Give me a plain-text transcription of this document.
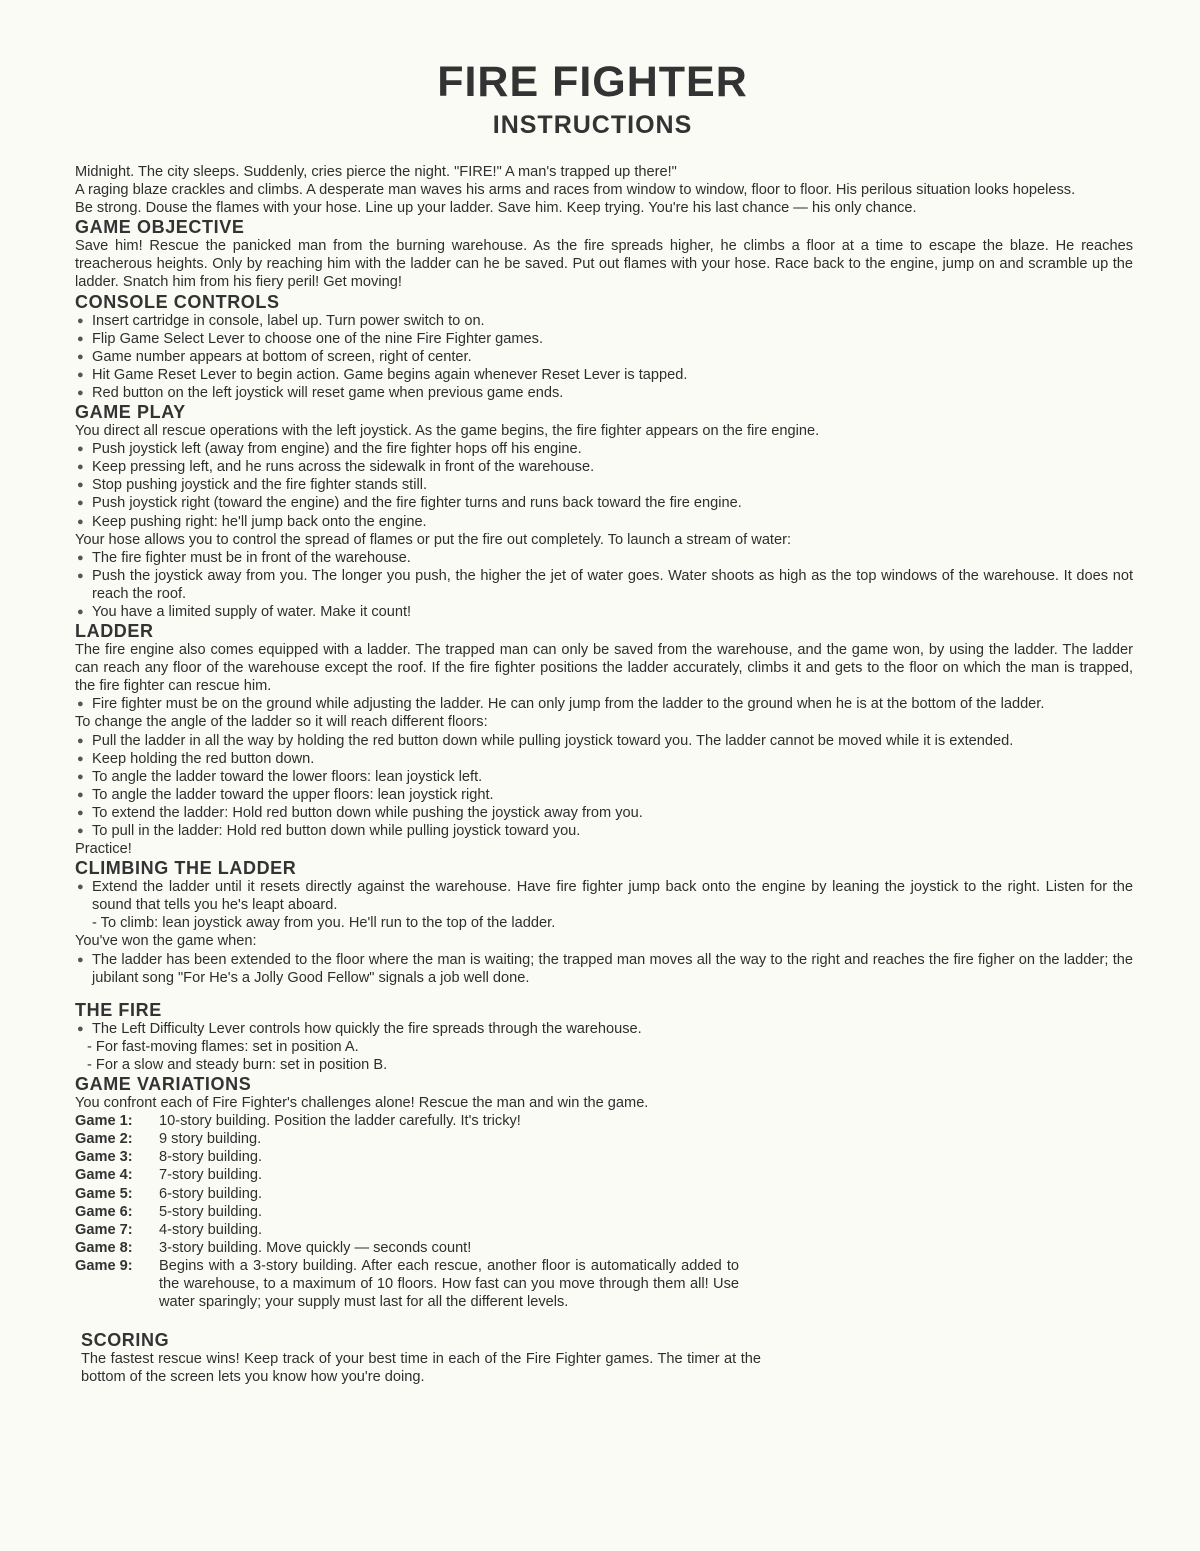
FIRE FIGHTER
INSTRUCTIONS

Midnight. The city sleeps. Suddenly, cries pierce the night. "FIRE!" A man's trapped up there!"

A raging blaze crackles and climbs. A desperate man waves his arms and races from window to window, floor to floor. His perilous situation looks hopeless.

Be strong. Douse the flames with your hose. Line up your ladder. Save him. Keep trying. You're his last chance — his only chance.

GAME OBJECTIVE

Save him! Rescue the panicked man from the burning warehouse. As the fire spreads higher, he climbs a floor at a time to escape the blaze. He reaches treacherous heights. Only by reaching him with the ladder can he be saved. Put out flames with your hose. Race back to the engine, jump on and scramble up the ladder. Snatch him from his fiery peril! Get moving!

CONSOLE CONTROLS
● Insert cartridge in console, label up. Turn power switch to on.
● Flip Game Select Lever to choose one of the nine Fire Fighter games.
● Game number appears at bottom of screen, right of center.
● Hit Game Reset Lever to begin action. Game begins again whenever Reset Lever is tapped.
● Red button on the left joystick will reset game when previous game ends.
GAME PLAY

You direct all rescue operations with the left joystick. As the game begins, the fire fighter appears on the fire engine.

● Push joystick left (away from engine) and the fire fighter hops off his engine.
● Keep pressing left, and he runs across the sidewalk in front of the warehouse.
● Stop pushing joystick and the fire fighter stands still.
● Push joystick right (toward the engine) and the fire fighter turns and runs back toward the fire engine.
● Keep pushing right: he'll jump back onto the engine.

Your hose allows you to control the spread of flames or put the fire out completely. To launch a stream of water:

● The fire fighter must be in front of the warehouse.
● Push the joystick away from you. The longer you push, the higher the jet of water goes. Water shoots as high as the top windows of the warehouse. It does not reach the roof.
● You have a limited supply of water. Make it count!
LADDER

The fire engine also comes equipped with a ladder. The trapped man can only be saved from the warehouse, and the game won, by using the ladder. The ladder can reach any floor of the warehouse except the roof. If the fire fighter positions the ladder accurately, climbs it and gets to the floor on which the man is trapped, the fire fighter can rescue him.

● Fire fighter must be on the ground while adjusting the ladder. He can only jump from the ladder to the ground when he is at the bottom of the ladder.

To change the angle of the ladder so it will reach different floors:

● Pull the ladder in all the way by holding the red button down while pulling joystick toward you. The ladder cannot be moved while it is extended.
● Keep holding the red button down.
● To angle the ladder toward the lower floors: lean joystick left.
● To angle the ladder toward the upper floors: lean joystick right.
● To extend the ladder: Hold red button down while pushing the joystick away from you.
● To pull in the ladder: Hold red button down while pulling joystick toward you.

Practice!

CLIMBING THE LADDER
● Extend the ladder until it resets directly against the warehouse. Have fire fighter jump back onto the engine by leaning the joystick to the right. Listen for the sound that tells you he's leapt aboard.

- To climb: lean joystick away from you. He'll run to the top of the ladder.

You've won the game when:

● The ladder has been extended to the floor where the man is waiting; the trapped man moves all the way to the right and reaches the fire figher on the ladder; the jubilant song "For He's a Jolly Good Fellow" signals a job well done.
THE FIRE
● The Left Difficulty Lever controls how quickly the fire spreads through the warehouse.
- For fast-moving flames: set in position A.
- For a slow and steady burn: set in position B.
GAME VARIATIONS

You confront each of Fire Fighter's challenges alone! Rescue the man and win the game.

Game 1:	10-story building. Position the ladder carefully. It's tricky!
Game 2:	9 story building.
Game 3:	8-story building.
Game 4:	7-story building.
Game 5:	6-story building.
Game 6:	5-story building.
Game 7:	4-story building.
Game 8:	3-story building. Move quickly — seconds count!
Game 9:	Begins with a 3-story building. After each rescue, another floor is automatically added to the warehouse, to a maximum of 10 floors. How fast can you move through them all! Use water sparingly; your supply must last for all the different levels.
SCORING

The fastest rescue wins! Keep track of your best time in each of the Fire Fighter games. The timer at the bottom of the screen lets you know how you're doing.
